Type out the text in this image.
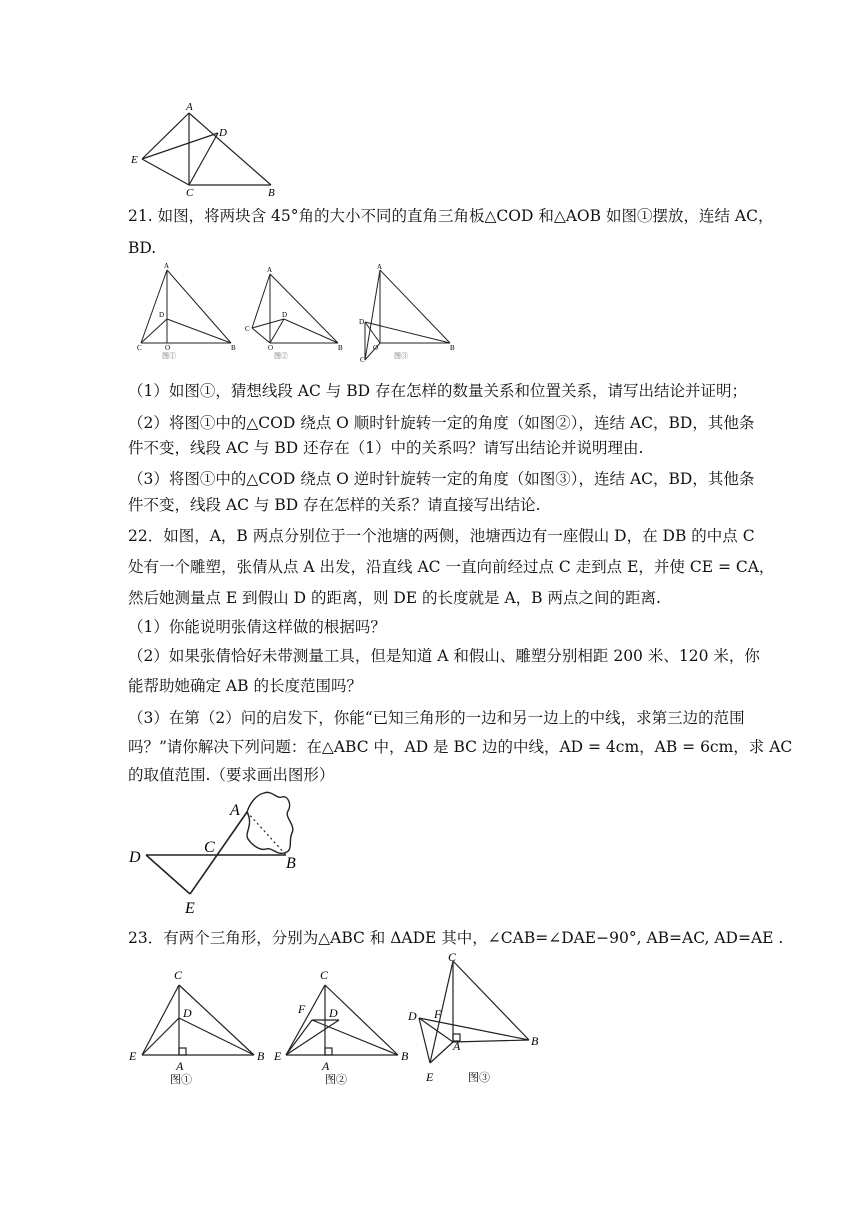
A
D
E
C	B
21. 如图，将两块含 45°角的大小不同的直角三角板△COD 和△AOB 如图①摆放，连结 AC，
BD.
A
D
C	O	B
图①
A
C
D
O	B
图②
A
D
O
C
B
图③
（1）如图①，猜想线段 AC 与 BD 存在怎样的数量关系和位置关系，请写出结论并证明；
（2）将图①中的△COD 绕点 O 顺时针旋转一定的角度（如图②），连结 AC，BD，其他条
件不变，线段 AC 与 BD 还存在（1）中的关系吗？请写出结论并说明理由.
（3）将图①中的△COD 绕点 O 逆时针旋转一定的角度（如图③），连结 AC，BD，其他条
件不变，线段 AC 与 BD 存在怎样的关系？请直接写出结论.
22．如图，A，B 两点分别位于一个池塘的两侧，池塘西边有一座假山 D，在 DB 的中点 C
处有一个雕塑，张倩从点 A 出发，沿直线 AC 一直向前经过点 C 走到点 E，并使 CE = CA，
然后她测量点 E 到假山 D 的距离，则 DE 的长度就是 A，B 两点之间的距离.
（1）你能说明张倩这样做的根据吗？
（2）如果张倩恰好未带测量工具，但是知道 A 和假山、雕塑分别相距 200 米、120 米，你
能帮助她确定 AB 的长度范围吗？
（3）在第（2）问的启发下，你能“已知三角形的一边和另一边上的中线，求第三边的范围
吗？”请你解决下列问题：在△ABC 中，AD 是 BC 边的中线，AD = 4cm，AB = 6cm，求 AC
的取值范围.（要求画出图形）
A
C
D	B
E
23．有两个三角形，分别为△ABC 和 ΔADE 其中，∠CAB=∠DAE−90°, AB=AC, AD=AE .
C
D
E
A
B
图①
C
F D
E
A
B
图②
C
D F
A	B
E	图③
